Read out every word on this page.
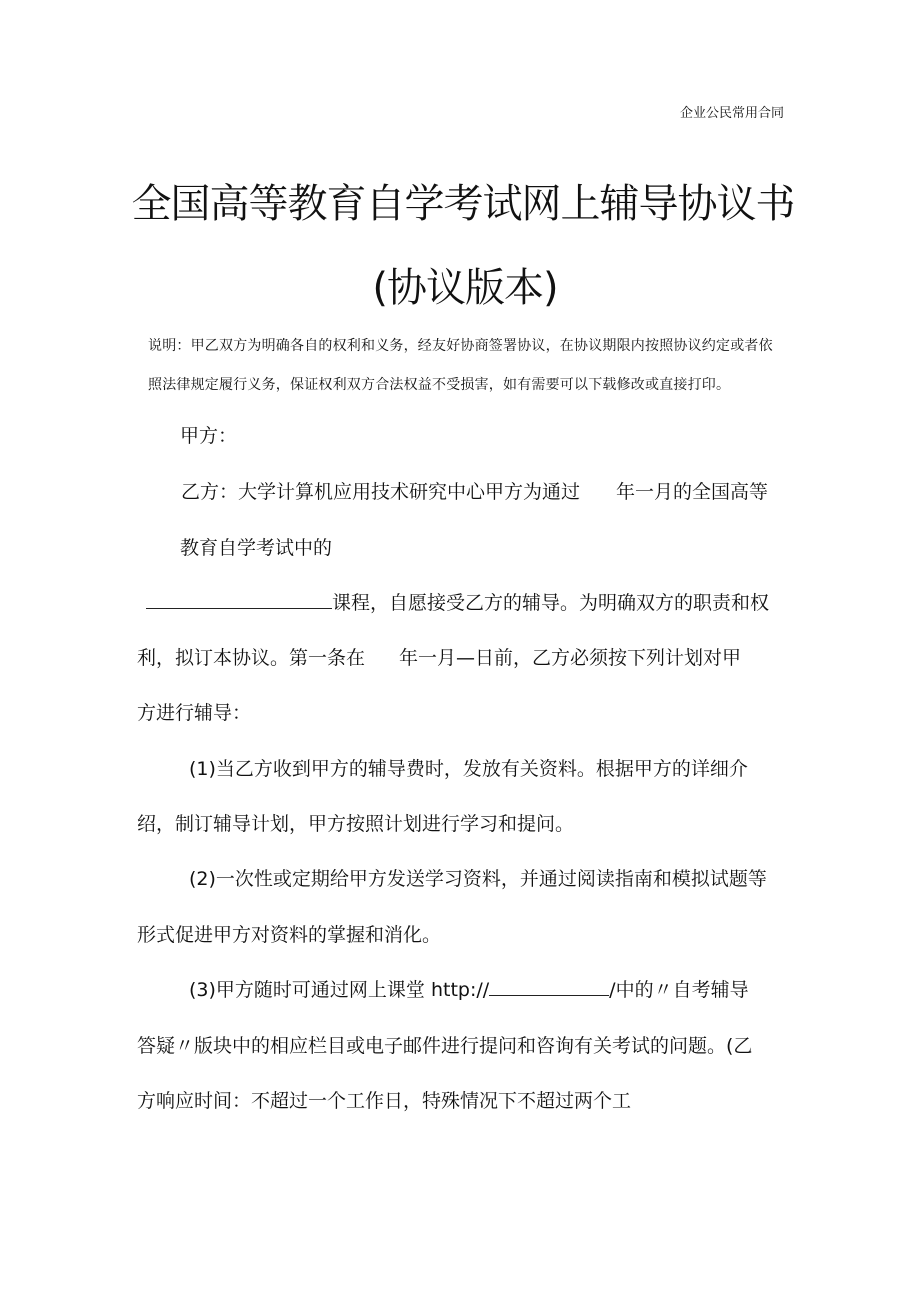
企业公民常用合同
全国高等教育自学考试网上辅导协议书
(协议版本)
说明：甲乙双方为明确各自的权利和义务，经友好协商签署协议，在协议期限内按照协议约定或者依
照法律规定履行义务，保证权利双方合法权益不受损害，如有需要可以下载修改或直接打印。
甲方：
乙方：大学计算机应用技术研究中心甲方为通过 年一月的全国高等
教育自学考试中的
课程，自愿接受乙方的辅导。为明确双方的职责和权
利，拟订本协议。第一条在 年一月—日前，乙方必须按下列计划对甲
方进行辅导：
(1)当乙方收到甲方的辅导费时，发放有关资料。根据甲方的详细介
绍，制订辅导计划，甲方按照计划进行学习和提问。
(2)一次性或定期给甲方发送学习资料，并通过阅读指南和模拟试题等
形式促进甲方对资料的掌握和消化。
(3)甲方随时可通过网上课堂 http://	/中的〃自考辅导
答疑〃版块中的相应栏目或电子邮件进行提问和咨询有关考试的问题。(乙
方响应时间：不超过一个工作日，特殊情况下不超过两个工
